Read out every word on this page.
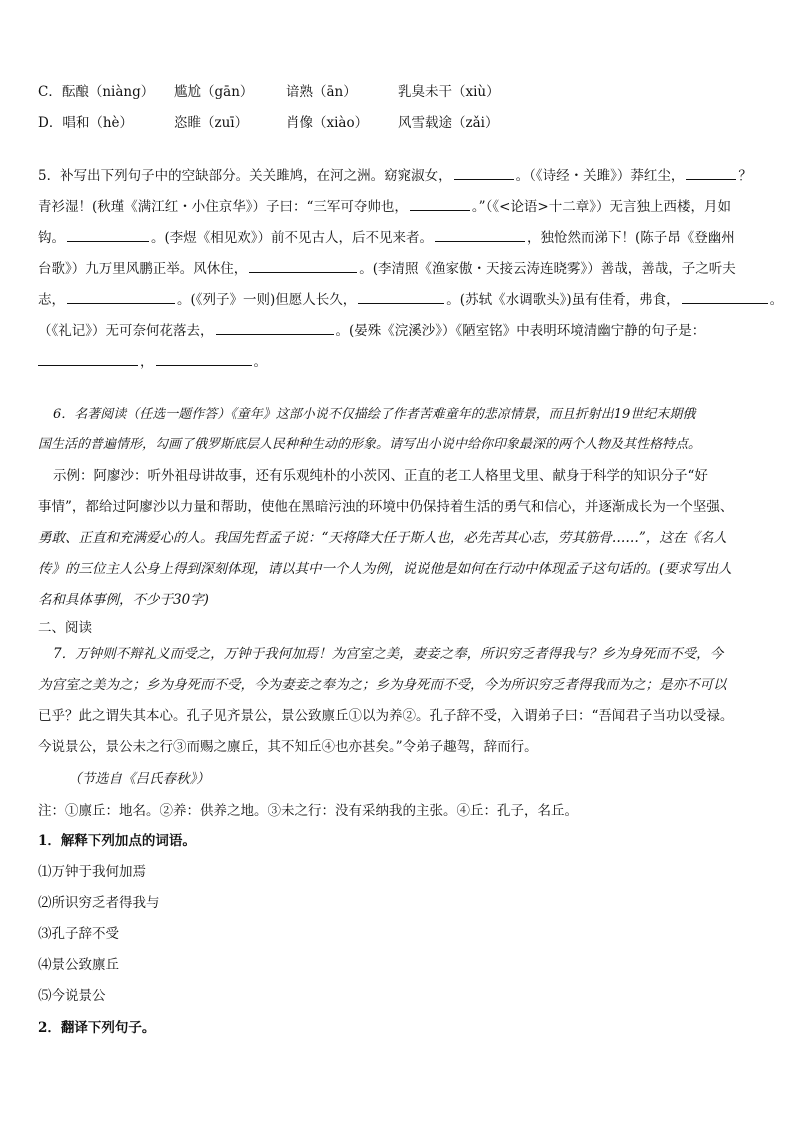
C．酝酿（niàng） 尴尬（gān） 谙熟（ān）	乳臭未干（xiù）
D．唱和（hè）	恣睢（zuī）	肖像（xiào） 风雪载途（zǎi）
5．补写出下列句子中的空缺部分。关关雎鸠，在河之洲。窈窕淑女，	。（《诗经・关雎》）莽红尘，	？
青衫湿！(秋瑾《满江红・小住京华》）子曰：“三军可夺帅也，	。”（《<论语>十二章》）无言独上西楼，月如
钩。	。(李煜《相见欢》）前不见古人，后不见来者。	，独怆然而涕下！(陈子昂《登幽州
台歌》）九万里风鹏正举。风休住，	。(李清照《渔家傲・天接云涛连晓雾》）善哉，善哉，子之听夫
志，	。(《列子》一则)但愿人长久，	。(苏轼《水调歌头》)虽有佳肴，弗食，	。
（《礼记》）无可奈何花落去，	。(晏殊《浣溪沙》）《陋室铭》中表明环境清幽宁静的句子是：
，	。
6．名著阅读（任选一题作答）《童年》这部小说不仅描绘了作者苦难童年的悲凉情景，而且折射出19世纪末期俄
国生活的普遍情形，勾画了俄罗斯底层人民种种生动的形象。请写出小说中给你印象最深的两个人物及其性格特点。
示例：阿廖沙：听外祖母讲故事，还有乐观纯朴的小茨冈、正直的老工人格里戈里、献身于科学的知识分子“好
事情”，都给过阿廖沙以力量和帮助，使他在黑暗污浊的环境中仍保持着生活的勇气和信心，并逐渐成长为一个坚强、
勇敢、正直和充满爱心的人。我国先哲孟子说：“天将降大任于斯人也，必先苦其心志，劳其筋骨……”，这在《名人
传》的三位主人公身上得到深刻体现，请以其中一个人为例，说说他是如何在行动中体现孟子这句话的。(要求写出人
名和具体事例，不少于30字)
二、阅读
7．万钟则不辩礼义而受之，万钟于我何加焉！为宫室之美，妻妾之奉，所识穷乏者得我与？乡为身死而不受，今
为宫室之美为之；乡为身死而不受，今为妻妾之奉为之；乡为身死而不受，今为所识穷乏者得我而为之；是亦不可以
已乎？此之谓失其本心。孔子见齐景公，景公致廪丘①以为养②。孔子辞不受，入谓弟子曰：“吾闻君子当功以受禄。
今说景公，景公未之行③而赐之廪丘，其不知丘④也亦甚矣。”令弟子趣驾，辞而行。
（节选自《吕氏春秋》）
注：①廪丘：地名。②养：供养之地。③未之行：没有采纳我的主张。④丘：孔子，名丘。
1．解释下列加点的词语。
⑴万钟于我何加焉
⑵所识穷乏者得我与
⑶孔子辞不受
⑷景公致廪丘
⑸今说景公
2．翻译下列句子。
